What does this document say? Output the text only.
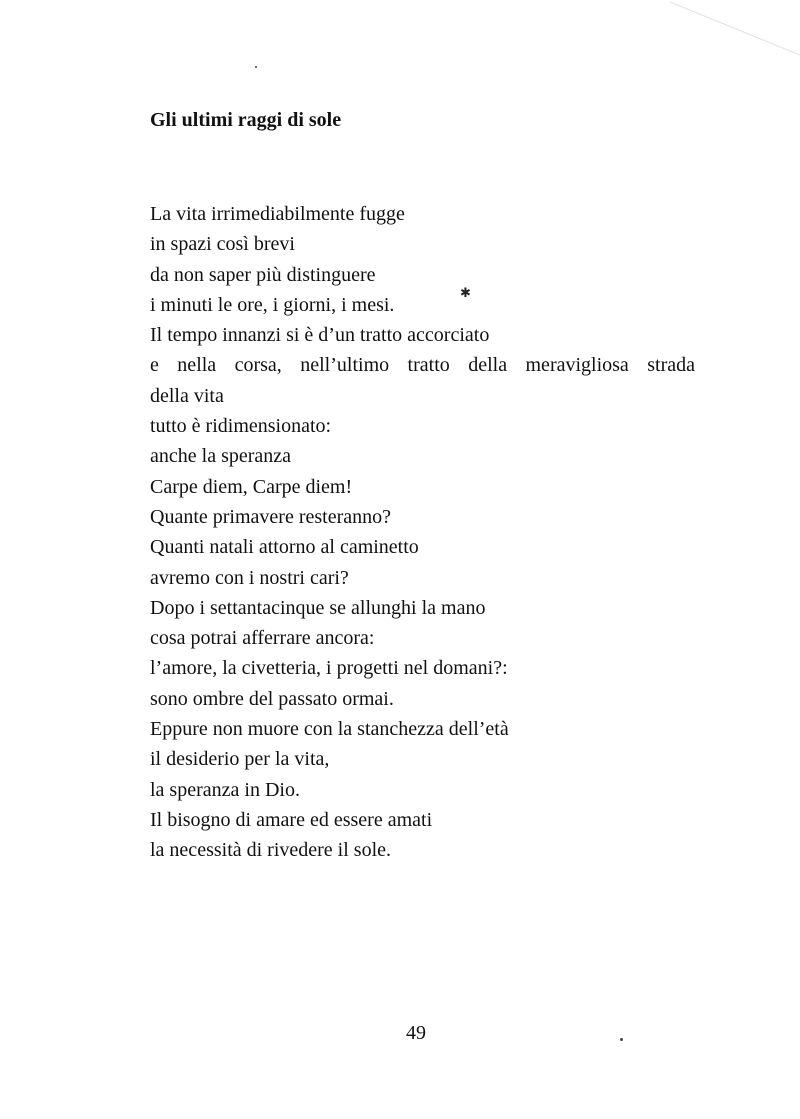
Gli ultimi raggi di sole
La vita irrimediabilmente fugge
in spazi così brevi
da non saper più distinguere
i minuti le ore, i giorni, i mesi.
Il tempo innanzi si è d’un tratto accorciato
e nella corsa, nell’ultimo tratto della meravigliosa strada
della vita
tutto è ridimensionato:
anche la speranza
Carpe diem, Carpe diem!
Quante primavere resteranno?
Quanti natali attorno al caminetto
avremo con i nostri cari?
Dopo i settantacinque se allunghi la mano
cosa potrai afferrare ancora:
l’amore, la civetteria, i progetti nel domani?:
sono ombre del passato ormai.
Eppure non muore con la stanchezza dell’età
il desiderio per la vita,
la speranza in Dio.
Il bisogno di amare ed essere amati
la necessità di rivedere il sole.
✱
49
